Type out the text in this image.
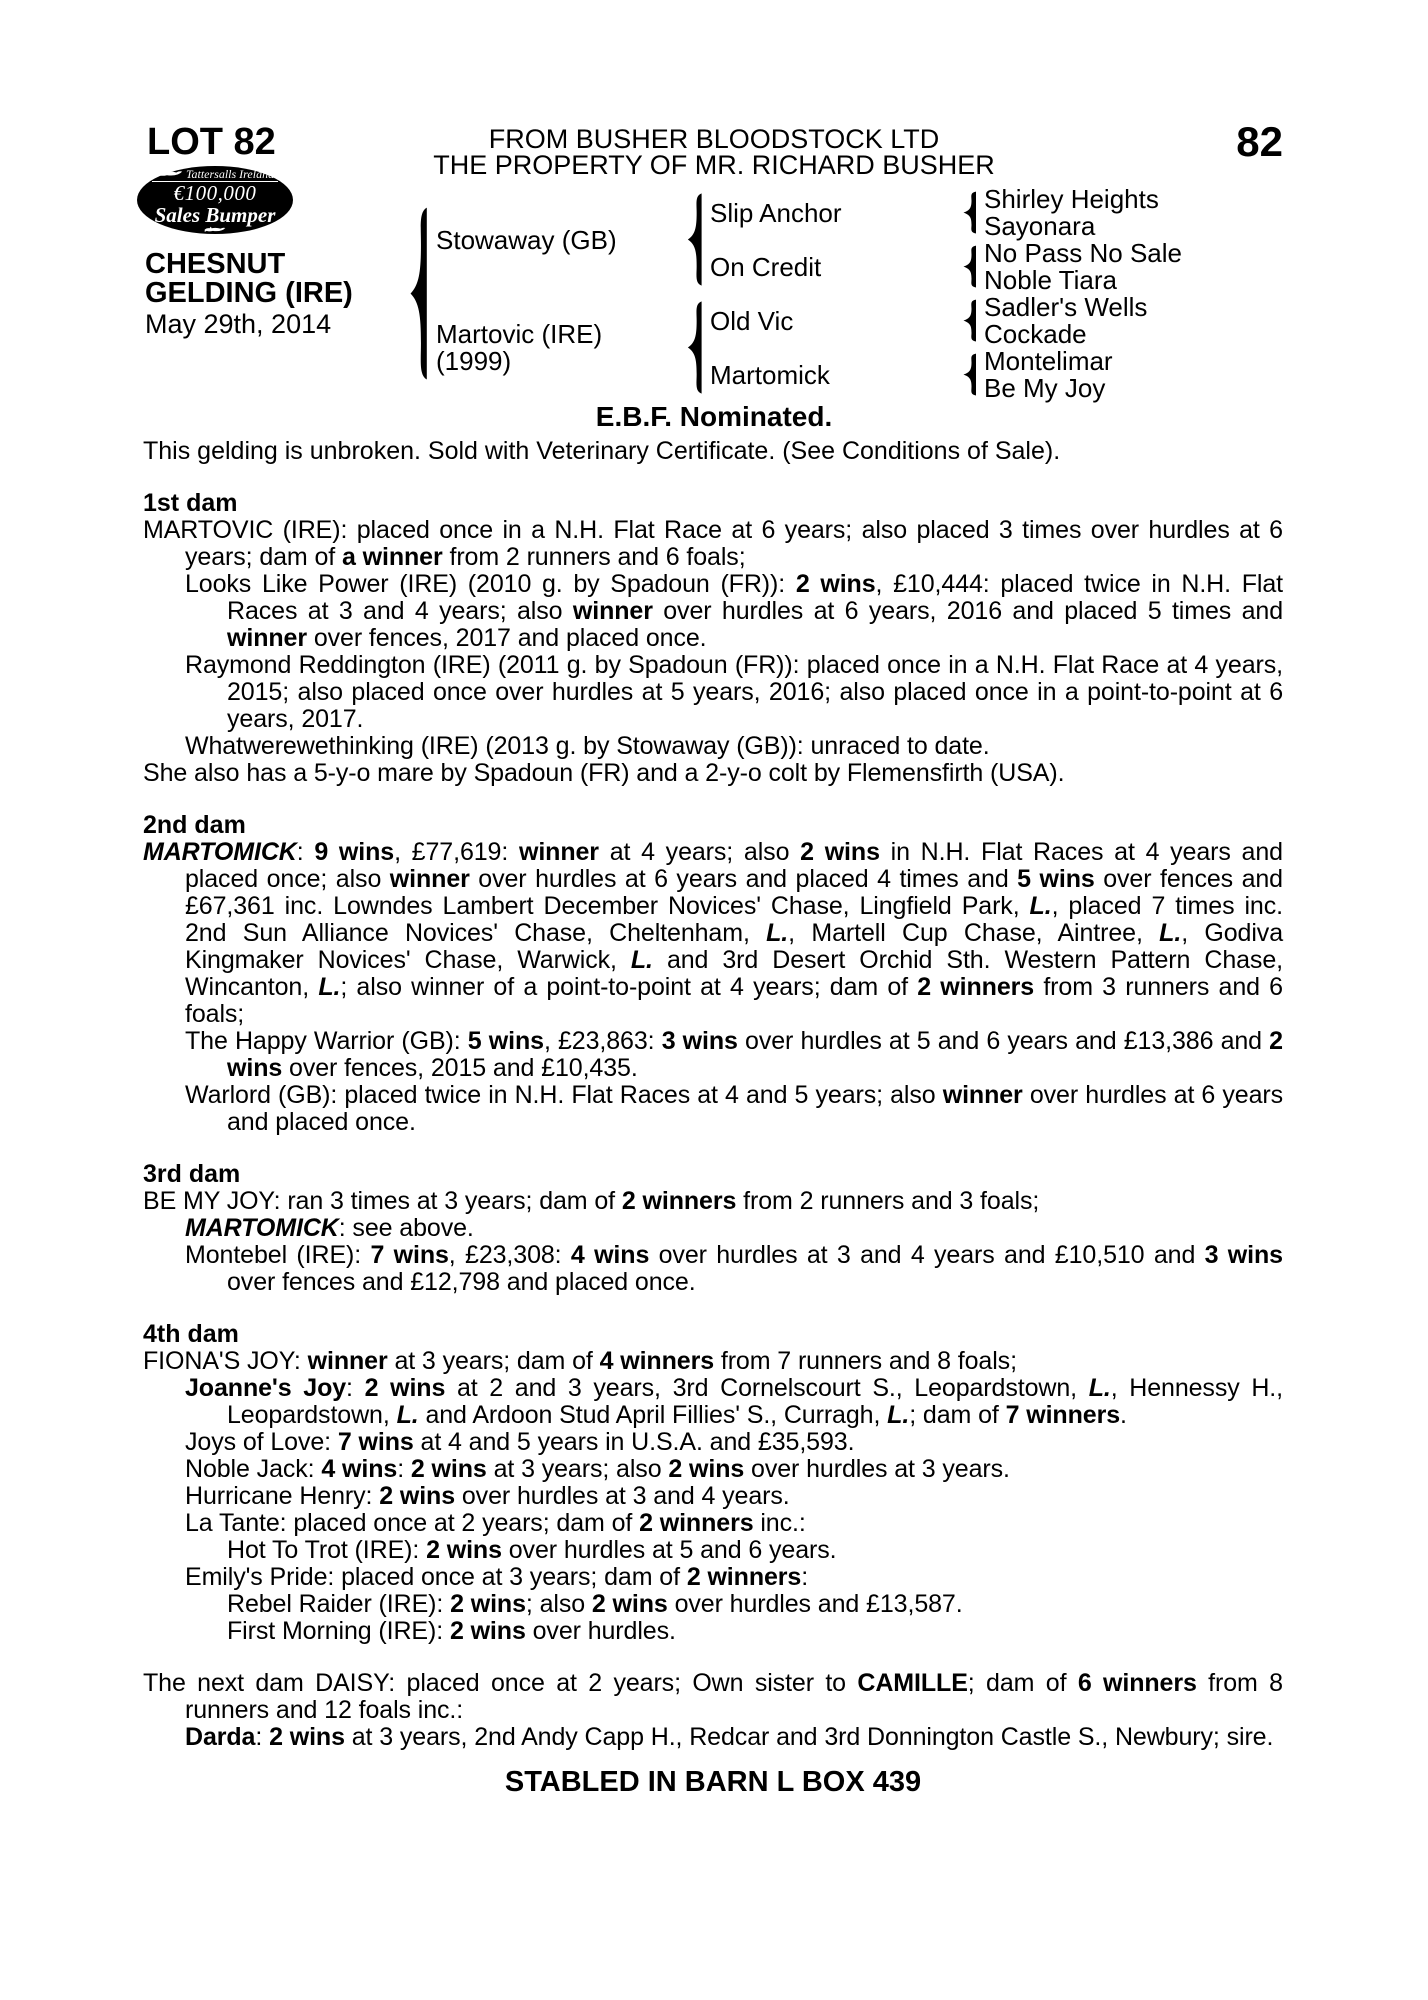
LOT 82
Tattersalls Ireland
€100,000
Sales Bumper
CHESNUT
GELDING (IRE)
May 29th, 2014
FROM BUSHER BLOODSTOCK LTD
THE PROPERTY OF MR. RICHARD BUSHER	82
Stowaway (GB)
Martovic (IRE)
(1999)
Slip Anchor
On Credit
Old Vic
Martomick
Shirley Heights
Sayonara
No Pass No Sale
Noble Tiara
Sadler's Wells
Cockade
Montelimar
Be My Joy
E.B.F. Nominated.
This gelding is unbroken. Sold with Veterinary Certificate. (See Conditions of Sale).
1st dam

MARTOVIC (IRE): placed once in a N.H. Flat Race at 6 years; also placed 3 times over hurdles at 6 years; dam of a winner from 2 runners and 6 foals;

Looks Like Power (IRE) (2010 g. by Spadoun (FR)): 2 wins, £10,444: placed twice in N.H. Flat Races at 3 and 4 years; also winner over hurdles at 6 years, 2016 and placed 5 times and winner over fences, 2017 and placed once.

Raymond Reddington (IRE) (2011 g. by Spadoun (FR)): placed once in a N.H. Flat Race at 4 years, 2015; also placed once over hurdles at 5 years, 2016; also placed once in a point-to-point at 6 years, 2017.

Whatwerewethinking (IRE) (2013 g. by Stowaway (GB)): unraced to date.

She also has a 5-y-o mare by Spadoun (FR) and a 2-y-o colt by Flemensfirth (USA).

2nd dam

MARTOMICK: 9 wins, £77,619: winner at 4 years; also 2 wins in N.H. Flat Races at 4 years and placed once; also winner over hurdles at 6 years and placed 4 times and 5 wins over fences and £67,361 inc. Lowndes Lambert December Novices' Chase, Lingfield Park, L., placed 7 times inc. 2nd Sun Alliance Novices' Chase, Cheltenham, L., Martell Cup Chase, Aintree, L., Godiva Kingmaker Novices' Chase, Warwick, L. and 3rd Desert Orchid Sth. Western Pattern Chase, Wincanton, L.; also winner of a point-to-point at 4 years; dam of 2 winners from 3 runners and 6 foals;

The Happy Warrior (GB): 5 wins, £23,863: 3 wins over hurdles at 5 and 6 years and £13,386 and 2 wins over fences, 2015 and £10,435.

Warlord (GB): placed twice in N.H. Flat Races at 4 and 5 years; also winner over hurdles at 6 years and placed once.

3rd dam

BE MY JOY: ran 3 times at 3 years; dam of 2 winners from 2 runners and 3 foals;

MARTOMICK: see above.

Montebel (IRE): 7 wins, £23,308: 4 wins over hurdles at 3 and 4 years and £10,510 and 3 wins over fences and £12,798 and placed once.

4th dam

FIONA'S JOY: winner at 3 years; dam of 4 winners from 7 runners and 8 foals;

Joanne's Joy: 2 wins at 2 and 3 years, 3rd Cornelscourt S., Leopardstown, L., Hennessy H., Leopardstown, L. and Ardoon Stud April Fillies' S., Curragh, L.; dam of 7 winners.

Joys of Love: 7 wins at 4 and 5 years in U.S.A. and £35,593.

Noble Jack: 4 wins: 2 wins at 3 years; also 2 wins over hurdles at 3 years.

Hurricane Henry: 2 wins over hurdles at 3 and 4 years.

La Tante: placed once at 2 years; dam of 2 winners inc.:

Hot To Trot (IRE): 2 wins over hurdles at 5 and 6 years.

Emily's Pride: placed once at 3 years; dam of 2 winners:

Rebel Raider (IRE): 2 wins; also 2 wins over hurdles and £13,587.

First Morning (IRE): 2 wins over hurdles.

The next dam DAISY: placed once at 2 years; Own sister to CAMILLE; dam of 6 winners from 8 runners and 12 foals inc.:

Darda: 2 wins at 3 years, 2nd Andy Capp H., Redcar and 3rd Donnington Castle S., Newbury; sire.

STABLED IN BARN L BOX 439
